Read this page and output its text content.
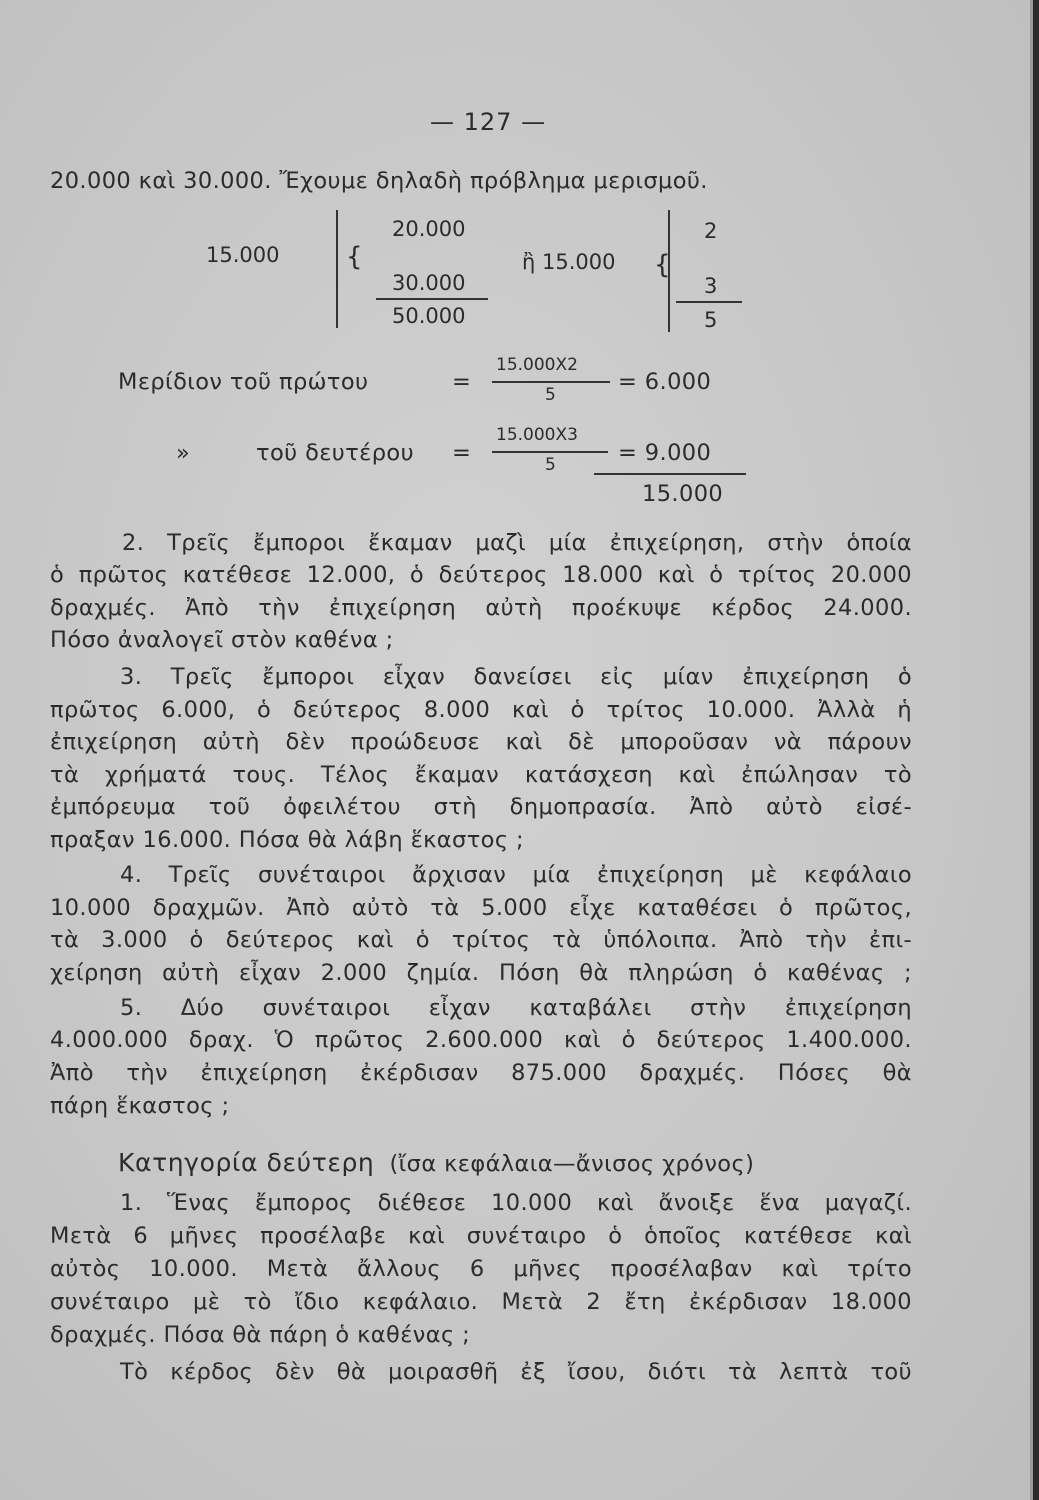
— 127 —
20.000 καὶ 30.000. Ἔχουμε δηλαδὴ πρόβλημα μερισμοῦ.
15.000	{
20.000
30.000
50.000
ἢ 15.000 {
2
3
5
Μερίδιον τοῦ πρώτου	=
15.000X2
5	= 6.000
»	τοῦ δευτέρου =
15.000X3
5	= 9.000
15.000
2. Τρεῖς ἔμποροι ἔκαμαν μαζὶ μία ἐπιχείρηση, στὴν ὁποία
ὁ πρῶτος κατέθεσε 12.000, ὁ δεύτερος 18.000 καὶ ὁ τρίτος 20.000
δραχμές. Ἀπὸ τὴν ἐπιχείρηση αὐτὴ προέκυψε κέρδος 24.000.
Πόσο ἀναλογεῖ στὸν καθένα ;
3. Τρεῖς ἔμποροι εἶχαν δανείσει εἰς μίαν ἐπιχείρηση ὁ
πρῶτος 6.000, ὁ δεύτερος 8.000 καὶ ὁ τρίτος 10.000. Ἀλλὰ ἡ
ἐπιχείρηση αὐτὴ δὲν προώδευσε καὶ δὲ μποροῦσαν νὰ πάρουν
τὰ χρήματά τους. Τέλος ἔκαμαν κατάσχεση καὶ ἐπώλησαν τὸ
ἐμπόρευμα τοῦ ὀφειλέτου στὴ δημοπρασία. Ἀπὸ αὐτὸ εἰσέ-
πραξαν 16.000. Πόσα θὰ λάβη ἕκαστος ;
4. Τρεῖς συνέταιροι ἄρχισαν μία ἐπιχείρηση μὲ κεφάλαιο
10.000 δραχμῶν. Ἀπὸ αὐτὸ τὰ 5.000 εἶχε καταθέσει ὁ πρῶτος,
τὰ 3.000 ὁ δεύτερος καὶ ὁ τρίτος τὰ ὑπόλοιπα. Ἀπὸ τὴν ἐπι-
χείρηση αὐτὴ εἶχαν 2.000 ζημία. Πόση θὰ πληρώση ὁ καθένας ;
5. Δύο συνέταιροι εἶχαν καταβάλει στὴν ἐπιχείρηση
4.000.000 δραχ. Ὁ πρῶτος 2.600.000 καὶ ὁ δεύτερος 1.400.000.
Ἀπὸ τὴν ἐπιχείρηση ἐκέρδισαν 875.000 δραχμές. Πόσες θὰ
πάρη ἕκαστος ;
Κατηγορία δεύτερη (ἴσα κεφάλαια—ἄνισος χρόνος)
1. Ἕνας ἔμπορος διέθεσε 10.000 καὶ ἄνοιξε ἕνα μαγαζί.
Μετὰ 6 μῆνες προσέλαβε καὶ συνέταιρο ὁ ὁποῖος κατέθεσε καὶ
αὐτὸς 10.000. Μετὰ ἄλλους 6 μῆνες προσέλαβαν καὶ τρίτο
συνέταιρο μὲ τὸ ἴδιο κεφάλαιο. Μετὰ 2 ἔτη ἐκέρδισαν 18.000
δραχμές. Πόσα θὰ πάρη ὁ καθένας ;
Τὸ κέρδος δὲν θὰ μοιρασθῆ ἐξ ἴσου, διότι τὰ λεπτὰ τοῦ
